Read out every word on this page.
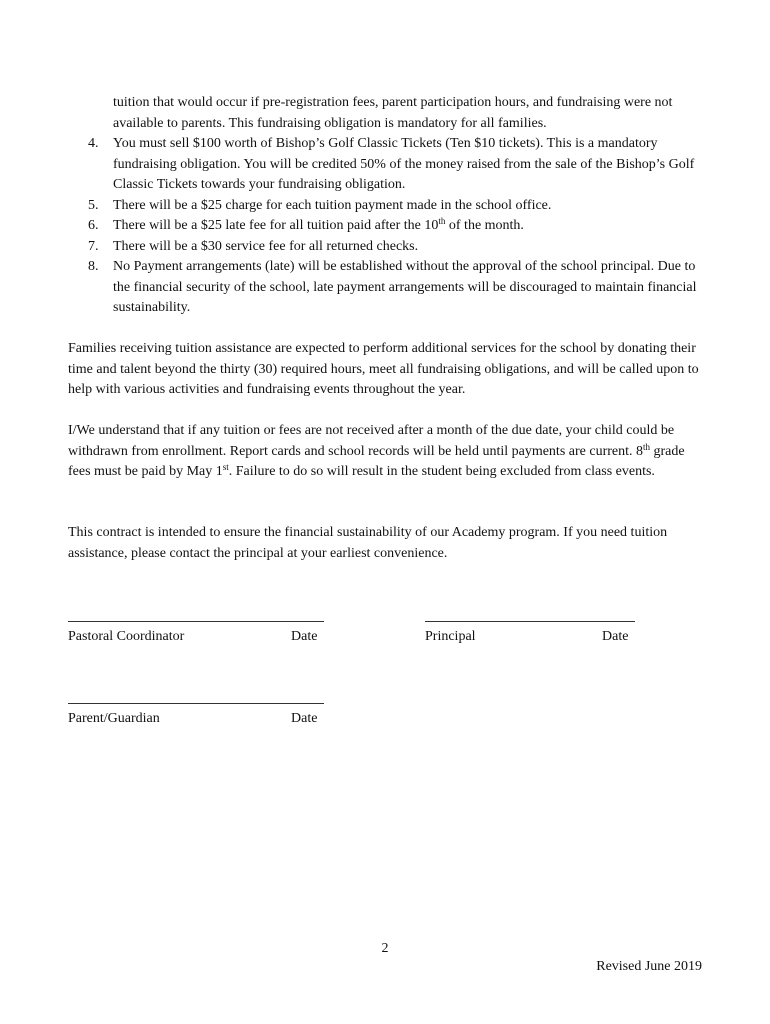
tuition that would occur if pre-registration fees, parent participation hours, and fundraising were not available to parents. This fundraising obligation is mandatory for all families.
4. You must sell $100 worth of Bishop’s Golf Classic Tickets (Ten $10 tickets). This is a mandatory fundraising obligation. You will be credited 50% of the money raised from the sale of the Bishop’s Golf Classic Tickets towards your fundraising obligation.
5. There will be a $25 charge for each tuition payment made in the school office.
6. There will be a $25 late fee for all tuition paid after the 10th of the month.
7. There will be a $30 service fee for all returned checks.
8. No Payment arrangements (late) will be established without the approval of the school principal. Due to the financial security of the school, late payment arrangements will be discouraged to maintain financial sustainability.
Families receiving tuition assistance are expected to perform additional services for the school by donating their time and talent beyond the thirty (30) required hours, meet all fundraising obligations, and will be called upon to help with various activities and fundraising events throughout the year.
I/We understand that if any tuition or fees are not received after a month of the due date, your child could be withdrawn from enrollment. Report cards and school records will be held until payments are current. 8th grade fees must be paid by May 1st. Failure to do so will result in the student being excluded from class events.
This contract is intended to ensure the financial sustainability of our Academy program. If you need tuition assistance, please contact the principal at your earliest convenience.
Pastoral Coordinator	Date	Principal	Date
Parent/Guardian	Date
2
Revised June 2019
